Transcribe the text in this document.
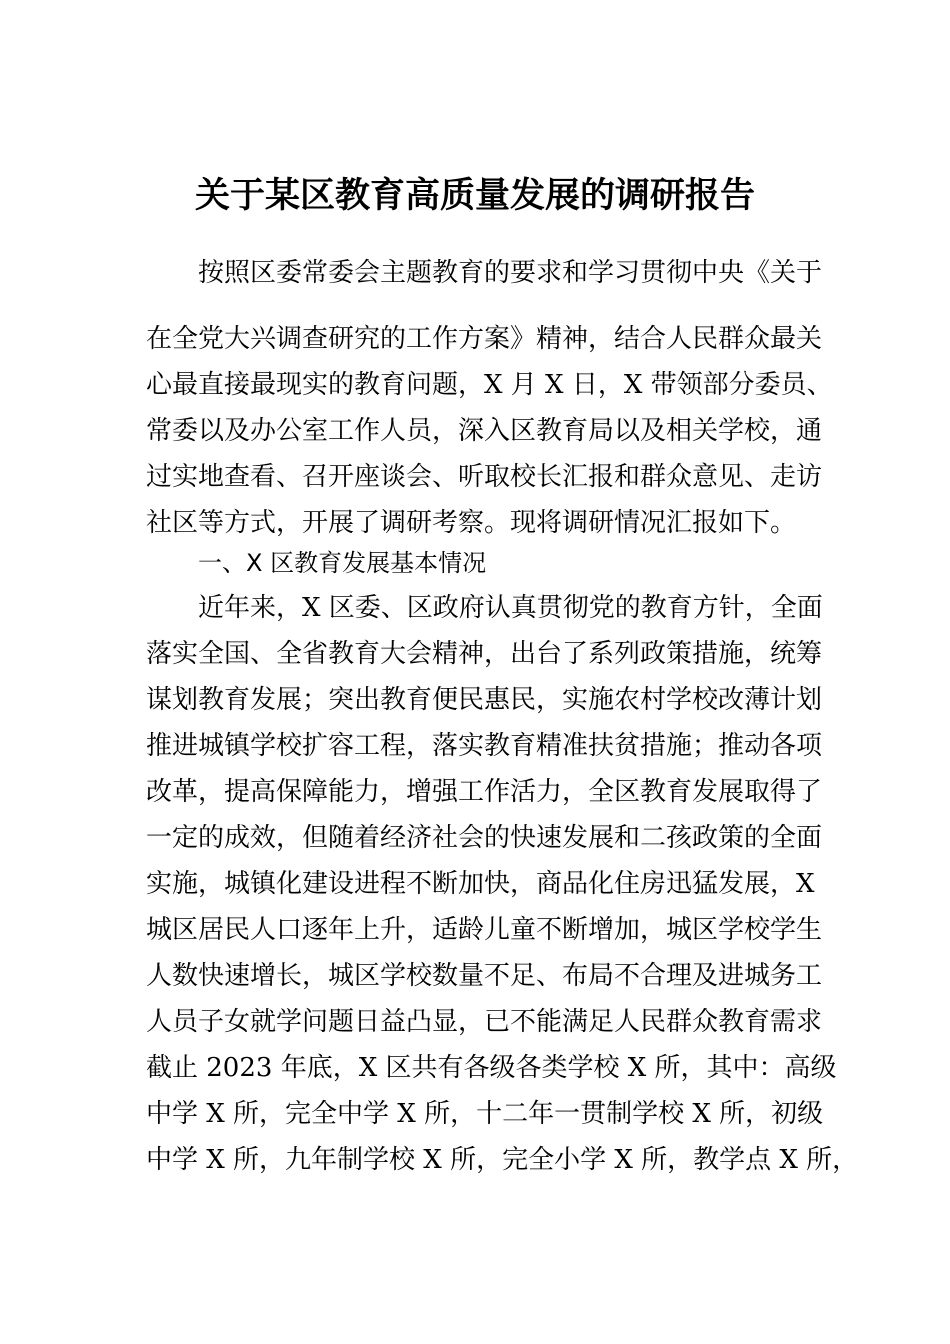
关于某区教育高质量发展的调研报告
按照区委常委会主题教育的要求和学习贯彻中央《关于
在全党大兴调查研究的工作方案》精神，结合人民群众最关
心最直接最现实的教育问题，X 月 X 日，X 带领部分委员、
常委以及办公室工作人员，深入区教育局以及相关学校，通
过实地查看、召开座谈会、听取校长汇报和群众意见、走访
社区等方式，开展了调研考察。现将调研情况汇报如下。
一、X 区教育发展基本情况
近年来，X 区委、区政府认真贯彻党的教育方针，全面
落实全国、全省教育大会精神，出台了系列政策措施，统筹
谋划教育发展；突出教育便民惠民，实施农村学校改薄计划
推进城镇学校扩容工程，落实教育精准扶贫措施；推动各项
改革，提高保障能力，增强工作活力，全区教育发展取得了
一定的成效，但随着经济社会的快速发展和二孩政策的全面
实施，城镇化建设进程不断加快，商品化住房迅猛发展，X
城区居民人口逐年上升，适龄儿童不断增加，城区学校学生
人数快速增长，城区学校数量不足、布局不合理及进城务工
人员子女就学问题日益凸显，已不能满足人民群众教育需求
截止 2023 年底，X 区共有各级各类学校 X 所，其中：高级
中学 X 所，完全中学 X 所，十二年一贯制学校 X 所，初级
中学 X 所，九年制学校 X 所，完全小学 X 所，教学点 X 所，
